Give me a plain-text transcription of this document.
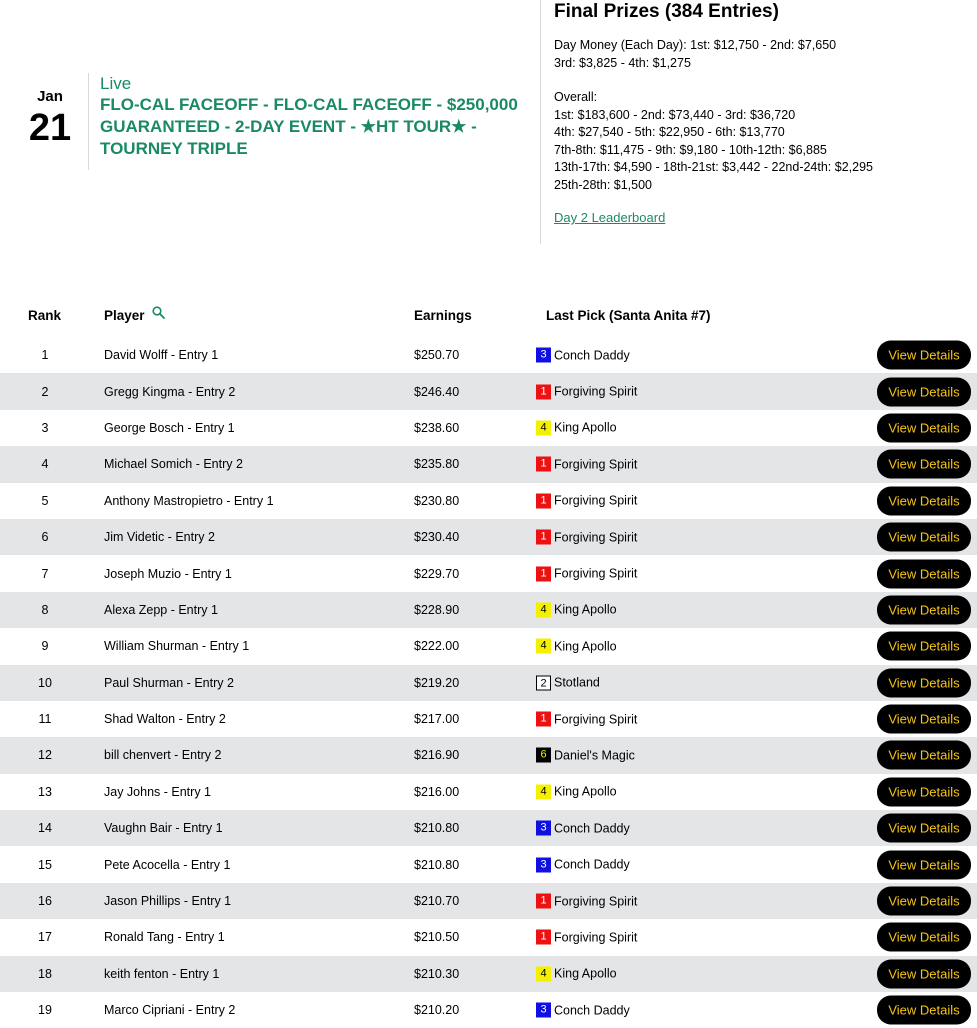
Jan
21
Live
FLO-CAL FACEOFF - FLO-CAL FACEOFF - $250,000 GUARANTEED - 2-DAY EVENT - ★HT TOUR★ - TOURNEY TRIPLE
Final Prizes (384 Entries)

Day Money (Each Day): 1st: $12,750 - 2nd: $7,650

3rd: $3,825 - 4th: $1,275

Overall:

1st: $183,600 - 2nd: $73,440 - 3rd: $36,720

4th: $27,540 - 5th: $22,950 - 6th: $13,770

7th-8th: $11,475 - 9th: $9,180 - 10th-12th: $6,885

13th-17th: $4,590 - 18th-21st: $3,442 - 22nd-24th: $2,295

25th-28th: $1,500

Day 2 Leaderboard
Rank	Player	Earnings	Last Pick (Santa Anita #7)
1	David Wolff - Entry 1	$250.70	3 Conch Daddy	View Details
2	Gregg Kingma - Entry 2	$246.40	1 Forgiving Spirit	View Details
3	George Bosch - Entry 1	$238.60	4 King Apollo	View Details
4	Michael Somich - Entry 2	$235.80	1 Forgiving Spirit	View Details
5	Anthony Mastropietro - Entry 1	$230.80	1 Forgiving Spirit	View Details
6	Jim Videtic - Entry 2	$230.40	1 Forgiving Spirit	View Details
7	Joseph Muzio - Entry 1	$229.70	1 Forgiving Spirit	View Details
8	Alexa Zepp - Entry 1	$228.90	4 King Apollo	View Details
9	William Shurman - Entry 1	$222.00	4 King Apollo	View Details
10	Paul Shurman - Entry 2	$219.20	2 Stotland	View Details
11	Shad Walton - Entry 2	$217.00	1 Forgiving Spirit	View Details
12	bill chenvert - Entry 2	$216.90	6 Daniel's Magic	View Details
13	Jay Johns - Entry 1	$216.00	4 King Apollo	View Details
14	Vaughn Bair - Entry 1	$210.80	3 Conch Daddy	View Details
15	Pete Acocella - Entry 1	$210.80	3 Conch Daddy	View Details
16	Jason Phillips - Entry 1	$210.70	1 Forgiving Spirit	View Details
17	Ronald Tang - Entry 1	$210.50	1 Forgiving Spirit	View Details
18	keith fenton - Entry 1	$210.30	4 King Apollo	View Details
19	Marco Cipriani - Entry 2	$210.20	3 Conch Daddy	View Details
